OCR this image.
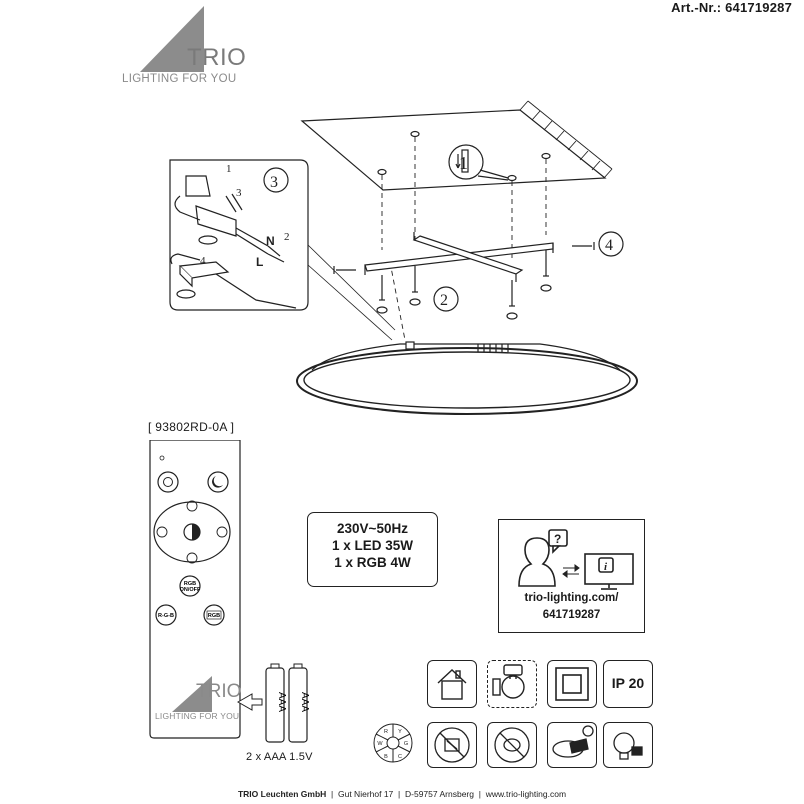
Art.-Nr.: 641719287
TRIO
LIGHTING FOR YOU
1
2
3
4
1
3
2
4
N
L
[ 93802RD-0A ]
RGB
ON/OFF
R-G-B	RGB
TRIO
LIGHTING FOR YOU
AAA AAA
2 x AAA 1.5V
230V~50Hz
1 x LED 35W
1 x RGB 4W
?
i
trio-lighting.com/
641719287
IP 20
R Y
G
C
B
W
TRIO Leuchten GmbH | Gut Nierhof 17 | D-59757 Arnsberg | www.trio-lighting.com
